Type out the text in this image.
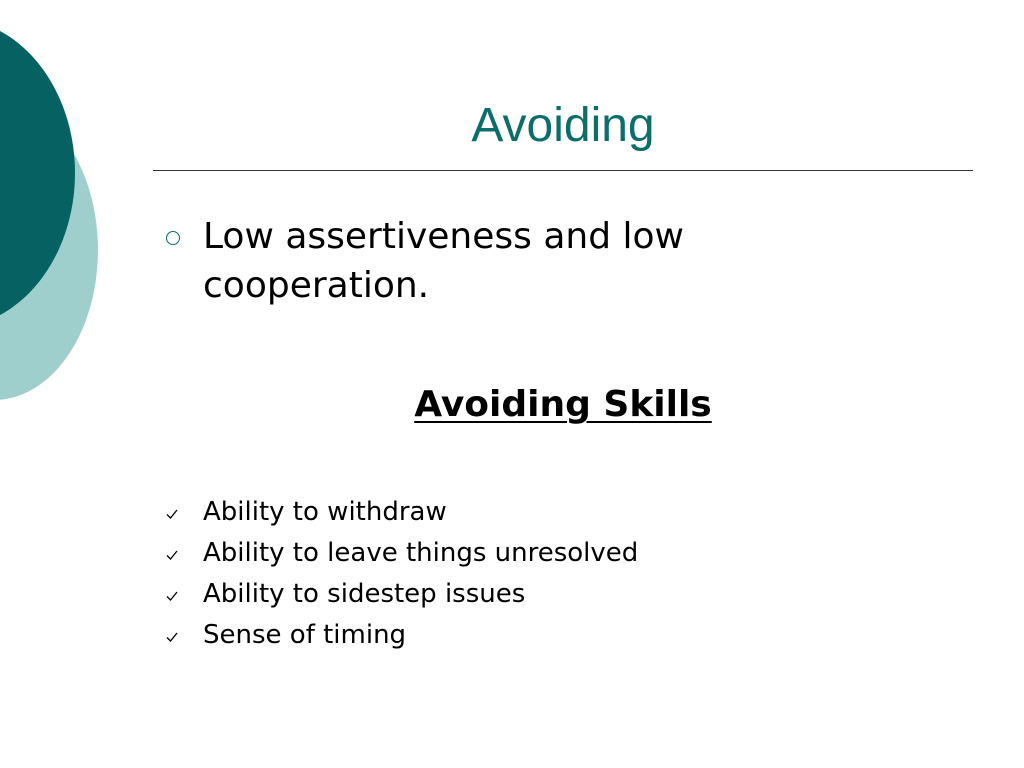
Avoiding
Low assertiveness and low cooperation.
Avoiding Skills
Ability to withdraw
Ability to leave things unresolved
Ability to sidestep issues
Sense of timing
